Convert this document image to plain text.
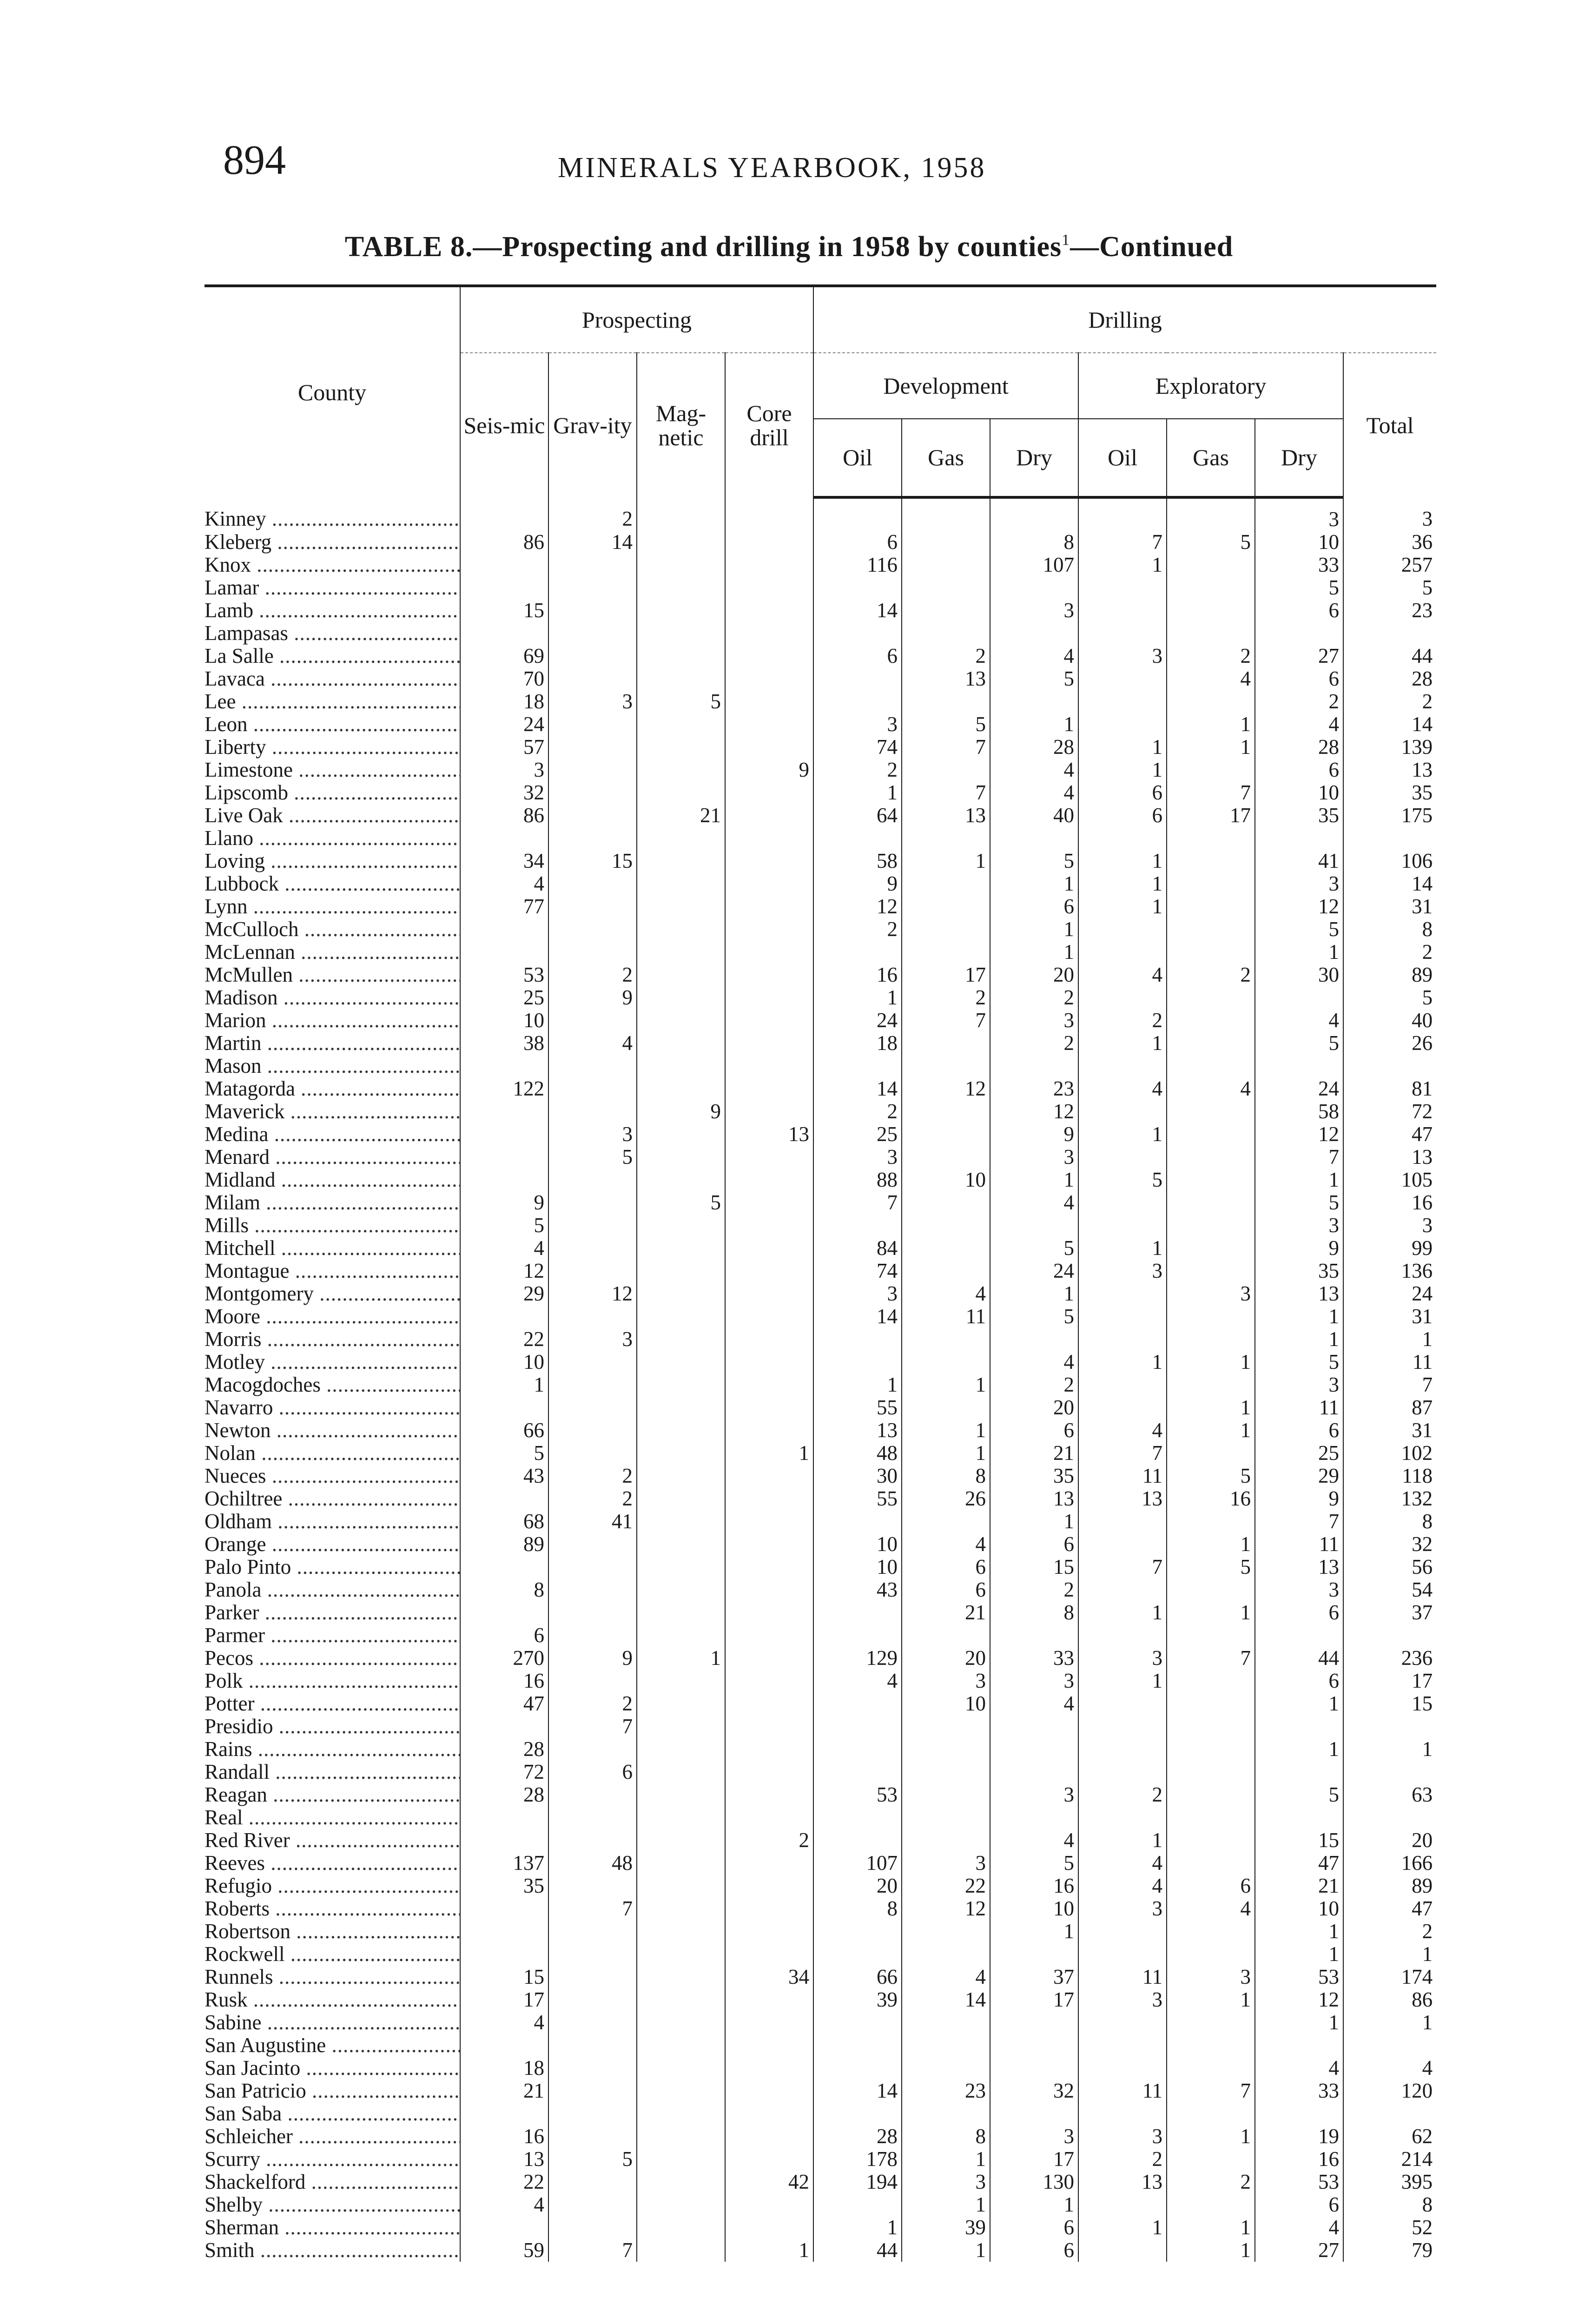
894	MINERALS YEARBOOK, 1958
TABLE 8.—Prospecting and drilling in 1958 by counties$^1$—Continued
County	Prospecting				Drilling						
	Seis-mic	Grav-ity	Mag-netic	Core drill	Development			Exploratory			Total
					Oil	Gas	Dry	Oil	Gas	Dry	
Kinney .....		2								3	3
Kleberg .....	86	14			6		8	7	5	10	36
Knox .....					116		107	1		33	257
Lamar .....										5	5
Lamb .....	15				14		3			6	23
Lampasas .....											
La Salle .....	69				6	2	4	3	2	27	44
Lavaca .....	70					13	5		4	6	28
Lee .....	18	3	5							2	2
Leon .....	24				3	5	1		1	4	14
Liberty .....	57				74	7	28	1	1	28	139
Limestone .....	3			9	2		4	1		6	13
Lipscomb .....	32				1	7	4	6	7	10	35
Live Oak .....	86		21		64	13	40	6	17	35	175
Llano .....											
Loving .....	34	15			58	1	5	1		41	106
Lubbock .....	4				9		1	1		3	14
Lynn .....	77				12		6	1		12	31
McCulloch .....					2		1			5	8
McLennan .....							1			1	2
McMullen .....	53	2			16	17	20	4	2	30	89
Madison .....	25	9			1	2	2				5
Marion .....	10				24	7	3	2		4	40
Martin .....	38	4			18		2	1		5	26
Mason .....											
Matagorda .....	122				14	12	23	4	4	24	81
Maverick .....			9		2		12			58	72
Medina .....		3		13	25		9	1		12	47
Menard .....		5			3		3			7	13
Midland .....					88	10	1	5		1	105
Milam .....	9		5		7		4			5	16
Mills .....	5									3	3
Mitchell .....	4				84		5	1		9	99
Montague .....	12				74		24	3		35	136
Montgomery .....	29	12			3	4	1		3	13	24
Moore .....					14	11	5			1	31
Morris .....	22	3								1	1
Motley .....	10						4	1	1	5	11
Macogdoches .....	1				1	1	2			3	7
Navarro .....					55		20		1	11	87
Newton .....	66				13	1	6	4	1	6	31
Nolan .....	5			1	48	1	21	7		25	102
Nueces .....	43	2			30	8	35	11	5	29	118
Ochiltree .....		2			55	26	13	13	16	9	132
Oldham .....	68	41					1			7	8
Orange .....	89				10	4	6		1	11	32
Palo Pinto .....					10	6	15	7	5	13	56
Panola .....	8				43	6	2			3	54
Parker .....						21	8	1	1	6	37
Parmer .....	6										
Pecos .....	270	9	1		129	20	33	3	7	44	236
Polk .....	16				4	3	3	1		6	17
Potter .....	47	2				10	4			1	15
Presidio .....		7									
Rains .....	28									1	1
Randall .....	72	6									
Reagan .....	28				53		3	2		5	63
Real .....											
Red River .....				2			4	1		15	20
Reeves .....	137	48			107	3	5	4		47	166
Refugio .....	35				20	22	16	4	6	21	89
Roberts .....		7			8	12	10	3	4	10	47
Robertson .....							1			1	2
Rockwell .....										1	1
Runnels .....	15			34	66	4	37	11	3	53	174
Rusk .....	17				39	14	17	3	1	12	86
Sabine .....	4									1	1
San Augustine .....											
San Jacinto .....	18									4	4
San Patricio .....	21				14	23	32	11	7	33	120
San Saba .....											
Schleicher .....	16				28	8	3	3	1	19	62
Scurry .....	13	5			178	1	17	2		16	214
Shackelford .....	22			42	194	3	130	13	2	53	395
Shelby .....	4					1	1			6	8
Sherman .....					1	39	6	1	1	4	52
Smith .....	59	7		1	44	1	6		1	27	79
